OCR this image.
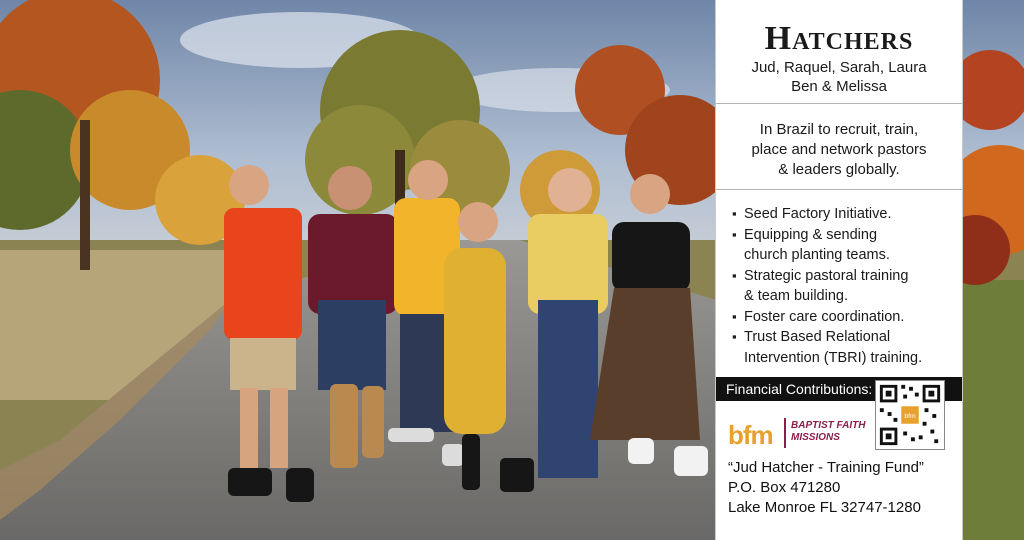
Hatchers
Jud, Raquel, Sarah, Laura
Ben & Melissa
In Brazil to recruit, train,
place and network pastors
& leaders globally.
▪ Seed Factory Initiative.
▪ Equipping & sending
church planting teams.
▪ Strategic pastoral training
& team building.
▪ Foster care coordination.
▪ Trust Based Relational
Intervention (TBRI) training.
Financial Contributions:
bfm
bfm BAPTIST FAITH
MISSIONS
“Jud Hatcher - Training Fund”
P.O. Box 471280
Lake Monroe FL 32747-1280
